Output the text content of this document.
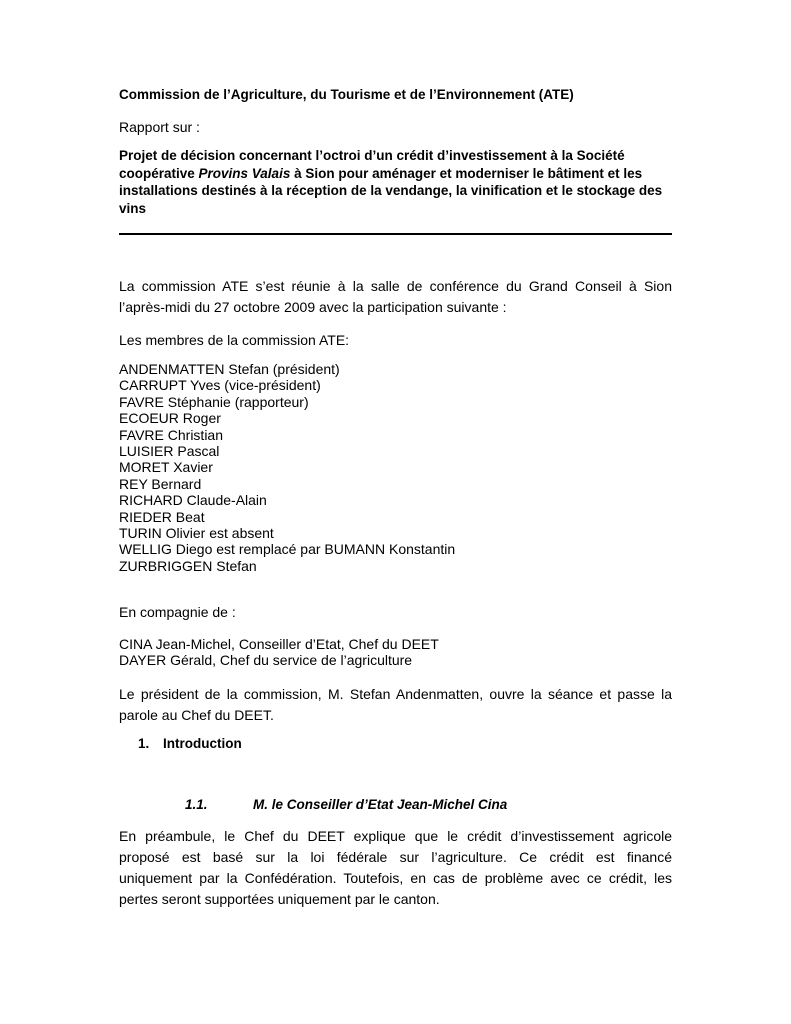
Commission de l’Agriculture, du Tourisme et de l’Environnement (ATE)
Rapport sur :
Projet de décision concernant l’octroi d’un crédit d’investissement à la Société
coopérative Provins Valais à Sion pour aménager et moderniser le bâtiment et les
installations destinés à la réception de la vendange, la vinification et le stockage des
vins
La commission ATE s’est réunie à la salle de conférence du Grand Conseil à Sion
l’après-midi du 27 octobre 2009 avec la participation suivante :
Les membres de la commission ATE:
ANDENMATTEN Stefan (président)
CARRUPT Yves (vice-président)
FAVRE Stéphanie (rapporteur)
ECOEUR Roger
FAVRE Christian
LUISIER Pascal
MORET Xavier
REY Bernard
RICHARD Claude-Alain
RIEDER Beat
TURIN Olivier est absent
WELLIG Diego est remplacé par BUMANN Konstantin
ZURBRIGGEN Stefan
En compagnie de :
CINA Jean-Michel, Conseiller d’Etat, Chef du DEET
DAYER Gérald, Chef du service de l’agriculture
Le président de la commission, M. Stefan Andenmatten, ouvre la séance et passe la
parole au Chef du DEET.
1. Introduction
1.1.	M. le Conseiller d’Etat Jean-Michel Cina
En préambule, le Chef du DEET explique que le crédit d’investissement agricole
proposé est basé sur la loi fédérale sur l’agriculture. Ce crédit est financé
uniquement par la Confédération. Toutefois, en cas de problème avec ce crédit, les
pertes seront supportées uniquement par le canton.
